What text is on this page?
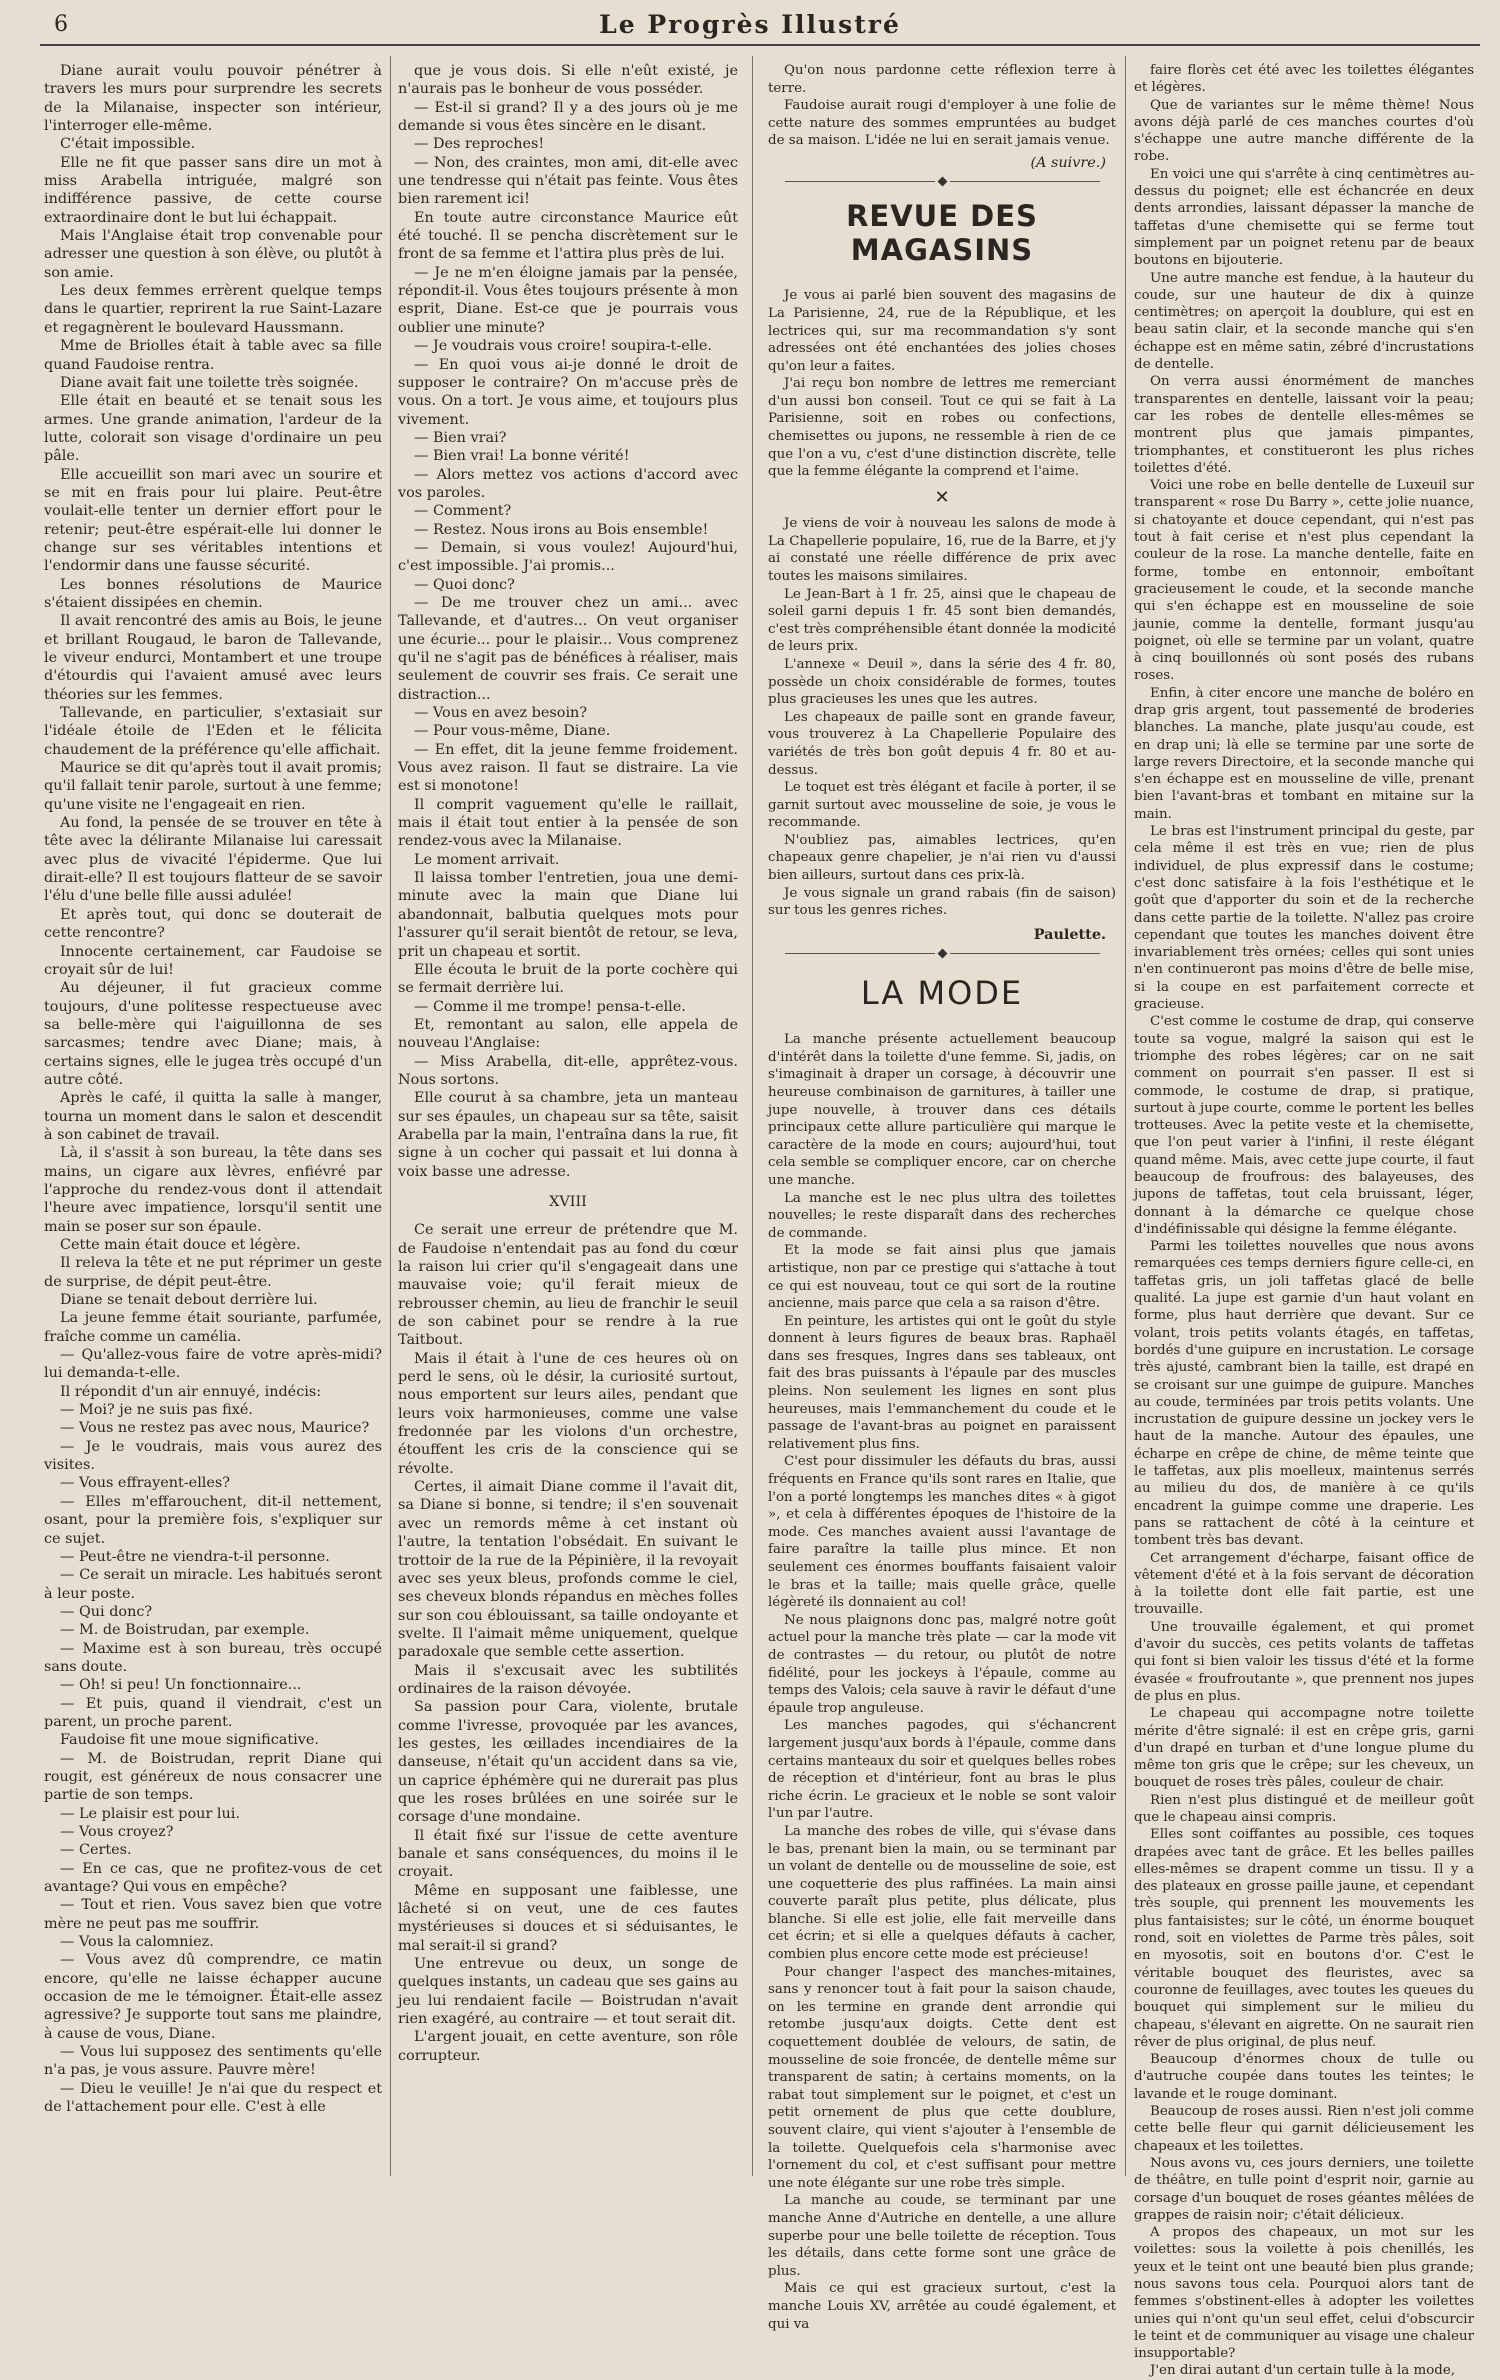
6	Le Progrès Illustré

Diane aurait voulu pouvoir pénétrer à travers les murs pour surprendre les secrets de la Milanaise, inspecter son intérieur, l'interroger elle-même.

C'était impossible.

Elle ne fit que passer sans dire un mot à miss Arabella intriguée, malgré son indifférence passive, de cette course extraordinaire dont le but lui échappait.

Mais l'Anglaise était trop convenable pour adresser une question à son élève, ou plutôt à son amie.

Les deux femmes errèrent quelque temps dans le quartier, reprirent la rue Saint-Lazare et regagnèrent le boulevard Haussmann.

Mme de Briolles était à table avec sa fille quand Faudoise rentra.

Diane avait fait une toilette très soignée.

Elle était en beauté et se tenait sous les armes. Une grande animation, l'ardeur de la lutte, colorait son visage d'ordinaire un peu pâle.

Elle accueillit son mari avec un sourire et se mit en frais pour lui plaire. Peut-être voulait-elle tenter un dernier effort pour le retenir; peut-être espérait-elle lui donner le change sur ses véritables intentions et l'endormir dans une fausse sécurité.

Les bonnes résolutions de Maurice s'étaient dissipées en chemin.

Il avait rencontré des amis au Bois, le jeune et brillant Rougaud, le baron de Tallevande, le viveur endurci, Montambert et une troupe d'étourdis qui l'avaient amusé avec leurs théories sur les femmes.

Tallevande, en particulier, s'extasiait sur l'idéale étoile de l'Eden et le félicita chaudement de la préférence qu'elle affichait.

Maurice se dit qu'après tout il avait promis; qu'il fallait tenir parole, surtout à une femme; qu'une visite ne l'engageait en rien.

Au fond, la pensée de se trouver en tête à tête avec la délirante Milanaise lui caressait avec plus de vivacité l'épiderme. Que lui dirait-elle? Il est toujours flatteur de se savoir l'élu d'une belle fille aussi adulée!

Et après tout, qui donc se douterait de cette rencontre?

Innocente certainement, car Faudoise se croyait sûr de lui!

Au déjeuner, il fut gracieux comme toujours, d'une politesse respectueuse avec sa belle-mère qui l'aiguillonna de ses sarcasmes; tendre avec Diane; mais, à certains signes, elle le jugea très occupé d'un autre côté.

Après le café, il quitta la salle à manger, tourna un moment dans le salon et descendit à son cabinet de travail.

Là, il s'assit à son bureau, la tête dans ses mains, un cigare aux lèvres, enfiévré par l'approche du rendez-vous dont il attendait l'heure avec impatience, lorsqu'il sentit une main se poser sur son épaule.

Cette main était douce et légère.

Il releva la tête et ne put réprimer un geste de surprise, de dépit peut-être.

Diane se tenait debout derrière lui.

La jeune femme était souriante, parfumée, fraîche comme un camélia.

— Qu'allez-vous faire de votre après-midi? lui demanda-t-elle.

Il répondit d'un air ennuyé, indécis:

— Moi? je ne suis pas fixé.

— Vous ne restez pas avec nous, Maurice?

— Je le voudrais, mais vous aurez des visites.

— Vous effrayent-elles?

— Elles m'effarouchent, dit-il nettement, osant, pour la première fois, s'expliquer sur ce sujet.

— Peut-être ne viendra-t-il personne.

— Ce serait un miracle. Les habitués seront à leur poste.

— Qui donc?

— M. de Boistrudan, par exemple.

— Maxime est à son bureau, très occupé sans doute.

— Oh! si peu! Un fonctionnaire...

— Et puis, quand il viendrait, c'est un parent, un proche parent.

Faudoise fit une moue significative.

— M. de Boistrudan, reprit Diane qui rougit, est généreux de nous consacrer une partie de son temps.

— Le plaisir est pour lui.

— Vous croyez?

— Certes.

— En ce cas, que ne profitez-vous de cet avantage? Qui vous en empêche?

— Tout et rien. Vous savez bien que votre mère ne peut pas me souffrir.

— Vous la calomniez.

— Vous avez dû comprendre, ce matin encore, qu'elle ne laisse échapper aucune occasion de me le témoigner. Était-elle assez agressive? Je supporte tout sans me plaindre, à cause de vous, Diane.

— Vous lui supposez des sentiments qu'elle n'a pas, je vous assure. Pauvre mère!

— Dieu le veuille! Je n'ai que du respect et de l'attachement pour elle. C'est à elle

que je vous dois. Si elle n'eût existé, je n'aurais pas le bonheur de vous posséder.

— Est-il si grand? Il y a des jours où je me demande si vous êtes sincère en le disant.

— Des reproches!

— Non, des craintes, mon ami, dit-elle avec une tendresse qui n'était pas feinte. Vous êtes bien rarement ici!

En toute autre circonstance Maurice eût été touché. Il se pencha discrètement sur le front de sa femme et l'attira plus près de lui.

— Je ne m'en éloigne jamais par la pensée, répondit-il. Vous êtes toujours présente à mon esprit, Diane. Est-ce que je pourrais vous oublier une minute?

— Je voudrais vous croire! soupira-t-elle.

— En quoi vous ai-je donné le droit de supposer le contraire? On m'accuse près de vous. On a tort. Je vous aime, et toujours plus vivement.

— Bien vrai?

— Bien vrai! La bonne vérité!

— Alors mettez vos actions d'accord avec vos paroles.

— Comment?

— Restez. Nous irons au Bois ensemble!

— Demain, si vous voulez! Aujourd'hui, c'est impossible. J'ai promis...

— Quoi donc?

— De me trouver chez un ami... avec Tallevande, et d'autres... On veut organiser une écurie... pour le plaisir... Vous comprenez qu'il ne s'agit pas de bénéfices à réaliser, mais seulement de couvrir ses frais. Ce serait une distraction...

— Vous en avez besoin?

— Pour vous-même, Diane.

— En effet, dit la jeune femme froidement. Vous avez raison. Il faut se distraire. La vie est si monotone!

Il comprit vaguement qu'elle le raillait, mais il était tout entier à la pensée de son rendez-vous avec la Milanaise.

Le moment arrivait.

Il laissa tomber l'entretien, joua une demi-minute avec la main que Diane lui abandonnait, balbutia quelques mots pour l'assurer qu'il serait bientôt de retour, se leva, prit un chapeau et sortit.

Elle écouta le bruit de la porte cochère qui se fermait derrière lui.

— Comme il me trompe! pensa-t-elle.

Et, remontant au salon, elle appela de nouveau l'Anglaise:

— Miss Arabella, dit-elle, apprêtez-vous. Nous sortons.

Elle courut à sa chambre, jeta un manteau sur ses épaules, un chapeau sur sa tête, saisit Arabella par la main, l'entraîna dans la rue, fit signe à un cocher qui passait et lui donna à voix basse une adresse.

XVIII

Ce serait une erreur de prétendre que M. de Faudoise n'entendait pas au fond du cœur la raison lui crier qu'il s'engageait dans une mauvaise voie; qu'il ferait mieux de rebrousser chemin, au lieu de franchir le seuil de son cabinet pour se rendre à la rue Taitbout.

Mais il était à l'une de ces heures où on perd le sens, où le désir, la curiosité surtout, nous emportent sur leurs ailes, pendant que leurs voix harmonieuses, comme une valse fredonnée par les violons d'un orchestre, étouffent les cris de la conscience qui se révolte.

Certes, il aimait Diane comme il l'avait dit, sa Diane si bonne, si tendre; il s'en souvenait avec un remords même à cet instant où l'autre, la tentation l'obsédait. En suivant le trottoir de la rue de la Pépinière, il la revoyait avec ses yeux bleus, profonds comme le ciel, ses cheveux blonds répandus en mèches folles sur son cou éblouissant, sa taille ondoyante et svelte. Il l'aimait même uniquement, quelque paradoxale que semble cette assertion.

Mais il s'excusait avec les subtilités ordinaires de la raison dévoyée.

Sa passion pour Cara, violente, brutale comme l'ivresse, provoquée par les avances, les gestes, les œillades incendiaires de la danseuse, n'était qu'un accident dans sa vie, un caprice éphémère qui ne durerait pas plus que les roses brûlées en une soirée sur le corsage d'une mondaine.

Il était fixé sur l'issue de cette aventure banale et sans conséquences, du moins il le croyait.

Même en supposant une faiblesse, une lâcheté si on veut, une de ces fautes mystérieuses si douces et si séduisantes, le mal serait-il si grand?

Une entrevue ou deux, un songe de quelques instants, un cadeau que ses gains au jeu lui rendaient facile — Boistrudan n'avait rien exagéré, au contraire — et tout serait dit.

L'argent jouait, en cette aventure, son rôle corrupteur.

Qu'on nous pardonne cette réflexion terre à terre.

Faudoise aurait rougi d'employer à une folie de cette nature des sommes empruntées au budget de sa maison. L'idée ne lui en serait jamais venue.

(A suivre.)
REVUE DES MAGASINS

Je vous ai parlé bien souvent des magasins de La Parisienne, 24, rue de la République, et les lectrices qui, sur ma recommandation s'y sont adressées ont été enchantées des jolies choses qu'on leur a faites.

J'ai reçu bon nombre de lettres me remerciant d'un aussi bon conseil. Tout ce qui se fait à La Parisienne, soit en robes ou confections, chemisettes ou jupons, ne ressemble à rien de ce que l'on a vu, c'est d'une distinction discrète, telle que la femme élégante la comprend et l'aime.

✕

Je viens de voir à nouveau les salons de mode à La Chapellerie populaire, 16, rue de la Barre, et j'y ai constaté une réelle différence de prix avec toutes les maisons similaires.

Le Jean-Bart à 1 fr. 25, ainsi que le chapeau de soleil garni depuis 1 fr. 45 sont bien demandés, c'est très compréhensible étant donnée la modicité de leurs prix.

L'annexe « Deuil », dans la série des 4 fr. 80, possède un choix considérable de formes, toutes plus gracieuses les unes que les autres.

Les chapeaux de paille sont en grande faveur, vous trouverez à La Chapellerie Populaire des variétés de très bon goût depuis 4 fr. 80 et au-dessus.

Le toquet est très élégant et facile à porter, il se garnit surtout avec mousseline de soie, je vous le recommande.

N'oubliez pas, aimables lectrices, qu'en chapeaux genre chapelier, je n'ai rien vu d'aussi bien ailleurs, surtout dans ces prix-là.

Je vous signale un grand rabais (fin de saison) sur tous les genres riches.

Paulette.
LA MODE

La manche présente actuellement beaucoup d'intérêt dans la toilette d'une femme. Si, jadis, on s'imaginait à draper un corsage, à découvrir une heureuse combinaison de garnitures, à tailler une jupe nouvelle, à trouver dans ces détails principaux cette allure particulière qui marque le caractère de la mode en cours; aujourd'hui, tout cela semble se compliquer encore, car on cherche une manche.

La manche est le nec plus ultra des toilettes nouvelles; le reste disparaît dans des recherches de commande.

Et la mode se fait ainsi plus que jamais artistique, non par ce prestige qui s'attache à tout ce qui est nouveau, tout ce qui sort de la routine ancienne, mais parce que cela a sa raison d'être.

En peinture, les artistes qui ont le goût du style donnent à leurs figures de beaux bras. Raphaël dans ses fresques, Ingres dans ses tableaux, ont fait des bras puissants à l'épaule par des muscles pleins. Non seulement les lignes en sont plus heureuses, mais l'emmanchement du coude et le passage de l'avant-bras au poignet en paraissent relativement plus fins.

C'est pour dissimuler les défauts du bras, aussi fréquents en France qu'ils sont rares en Italie, que l'on a porté longtemps les manches dites « à gigot », et cela à différentes époques de l'histoire de la mode. Ces manches avaient aussi l'avantage de faire paraître la taille plus mince. Et non seulement ces énormes bouffants faisaient valoir le bras et la taille; mais quelle grâce, quelle légèreté ils donnaient au col!

Ne nous plaignons donc pas, malgré notre goût actuel pour la manche très plate — car la mode vit de contrastes — du retour, ou plutôt de notre fidélité, pour les jockeys à l'épaule, comme au temps des Valois; cela sauve à ravir le défaut d'une épaule trop anguleuse.

Les manches pagodes, qui s'échancrent largement jusqu'aux bords à l'épaule, comme dans certains manteaux du soir et quelques belles robes de réception et d'intérieur, font au bras le plus riche écrin. Le gracieux et le noble se sont valoir l'un par l'autre.

La manche des robes de ville, qui s'évase dans le bas, prenant bien la main, ou se terminant par un volant de dentelle ou de mousseline de soie, est une coquetterie des plus raffinées. La main ainsi couverte paraît plus petite, plus délicate, plus blanche. Si elle est jolie, elle fait merveille dans cet écrin; et si elle a quelques défauts à cacher, combien plus encore cette mode est précieuse!

Pour changer l'aspect des manches-mitaines, sans y renoncer tout à fait pour la saison chaude, on les termine en grande dent arrondie qui retombe jusqu'aux doigts. Cette dent est coquettement doublée de velours, de satin, de mousseline de soie froncée, de dentelle même sur transparent de satin; à certains moments, on la rabat tout simplement sur le poignet, et c'est un petit ornement de plus que cette doublure, souvent claire, qui vient s'ajouter à l'ensemble de la toilette. Quelquefois cela s'harmonise avec l'ornement du col, et c'est suffisant pour mettre une note élégante sur une robe très simple.

La manche au coude, se terminant par une manche Anne d'Autriche en dentelle, a une allure superbe pour une belle toilette de réception. Tous les détails, dans cette forme sont une grâce de plus.

Mais ce qui est gracieux surtout, c'est la manche Louis XV, arrêtée au coudé également, et qui va

faire florès cet été avec les toilettes élégantes et légères.

Que de variantes sur le même thème! Nous avons déjà parlé de ces manches courtes d'où s'échappe une autre manche différente de la robe.

En voici une qui s'arrête à cinq centimètres au-dessus du poignet; elle est échancrée en deux dents arrondies, laissant dépasser la manche de taffetas d'une chemisette qui se ferme tout simplement par un poignet retenu par de beaux boutons en bijouterie.

Une autre manche est fendue, à la hauteur du coude, sur une hauteur de dix à quinze centimètres; on aperçoit la doublure, qui est en beau satin clair, et la seconde manche qui s'en échappe est en même satin, zébré d'incrustations de dentelle.

On verra aussi énormément de manches transparentes en dentelle, laissant voir la peau; car les robes de dentelle elles-mêmes se montrent plus que jamais pimpantes, triomphantes, et constitueront les plus riches toilettes d'été.

Voici une robe en belle dentelle de Luxeuil sur transparent « rose Du Barry », cette jolie nuance, si chatoyante et douce cependant, qui n'est pas tout à fait cerise et n'est plus cependant la couleur de la rose. La manche dentelle, faite en forme, tombe en entonnoir, emboîtant gracieusement le coude, et la seconde manche qui s'en échappe est en mousseline de soie jaunie, comme la dentelle, formant jusqu'au poignet, où elle se termine par un volant, quatre à cinq bouillonnés où sont posés des rubans roses.

Enfin, à citer encore une manche de boléro en drap gris argent, tout passementé de broderies blanches. La manche, plate jusqu'au coude, est en drap uni; là elle se termine par une sorte de large revers Directoire, et la seconde manche qui s'en échappe est en mousseline de ville, prenant bien l'avant-bras et tombant en mitaine sur la main.

Le bras est l'instrument principal du geste, par cela même il est très en vue; rien de plus individuel, de plus expressif dans le costume; c'est donc satisfaire à la fois l'esthétique et le goût que d'apporter du soin et de la recherche dans cette partie de la toilette. N'allez pas croire cependant que toutes les manches doivent être invariablement très ornées; celles qui sont unies n'en continueront pas moins d'être de belle mise, si la coupe en est parfaitement correcte et gracieuse.

C'est comme le costume de drap, qui conserve toute sa vogue, malgré la saison qui est le triomphe des robes légères; car on ne sait comment on pourrait s'en passer. Il est si commode, le costume de drap, si pratique, surtout à jupe courte, comme le portent les belles trotteuses. Avec la petite veste et la chemisette, que l'on peut varier à l'infini, il reste élégant quand même. Mais, avec cette jupe courte, il faut beaucoup de froufrous: des balayeuses, des jupons de taffetas, tout cela bruissant, léger, donnant à la démarche ce quelque chose d'indéfinissable qui désigne la femme élégante.

Parmi les toilettes nouvelles que nous avons remarquées ces temps derniers figure celle-ci, en taffetas gris, un joli taffetas glacé de belle qualité. La jupe est garnie d'un haut volant en forme, plus haut derrière que devant. Sur ce volant, trois petits volants étagés, en taffetas, bordés d'une guipure en incrustation. Le corsage très ajusté, cambrant bien la taille, est drapé en se croisant sur une guimpe de guipure. Manches au coude, terminées par trois petits volants. Une incrustation de guipure dessine un jockey vers le haut de la manche. Autour des épaules, une écharpe en crêpe de chine, de même teinte que le taffetas, aux plis moelleux, maintenus serrés au milieu du dos, de manière à ce qu'ils encadrent la guimpe comme une draperie. Les pans se rattachent de côté à la ceinture et tombent très bas devant.

Cet arrangement d'écharpe, faisant office de vêtement d'été et à la fois servant de décoration à la toilette dont elle fait partie, est une trouvaille.

Une trouvaille également, et qui promet d'avoir du succès, ces petits volants de taffetas qui font si bien valoir les tissus d'été et la forme évasée « froufroutante », que prennent nos jupes de plus en plus.

Le chapeau qui accompagne notre toilette mérite d'être signalé: il est en crêpe gris, garni d'un drapé en turban et d'une longue plume du même ton gris que le crêpe; sur les cheveux, un bouquet de roses très pâles, couleur de chair.

Rien n'est plus distingué et de meilleur goût que le chapeau ainsi compris.

Elles sont coiffantes au possible, ces toques drapées avec tant de grâce. Et les belles pailles elles-mêmes se drapent comme un tissu. Il y a des plateaux en grosse paille jaune, et cependant très souple, qui prennent les mouvements les plus fantaisistes; sur le côté, un énorme bouquet rond, soit en violettes de Parme très pâles, soit en myosotis, soit en boutons d'or. C'est le véritable bouquet des fleuristes, avec sa couronne de feuillages, avec toutes les queues du bouquet qui simplement sur le milieu du chapeau, s'élevant en aigrette. On ne saurait rien rêver de plus original, de plus neuf.

Beaucoup d'énormes choux de tulle ou d'autruche coupée dans toutes les teintes; le lavande et le rouge dominant.

Beaucoup de roses aussi. Rien n'est joli comme cette belle fleur qui garnit délicieusement les chapeaux et les toilettes.

Nous avons vu, ces jours derniers, une toilette de théâtre, en tulle point d'esprit noir, garnie au corsage d'un bouquet de roses géantes mêlées de grappes de raisin noir; c'était délicieux.

A propos des chapeaux, un mot sur les voilettes: sous la voilette à pois chenillés, les yeux et le teint ont une beauté bien plus grande; nous savons tous cela. Pourquoi alors tant de femmes s'obstinent-elles à adopter les voilettes unies qui n'ont qu'un seul effet, celui d'obscurcir le teint et de communiquer au visage une chaleur insupportable?

J'en dirai autant d'un certain tulle à la mode,
